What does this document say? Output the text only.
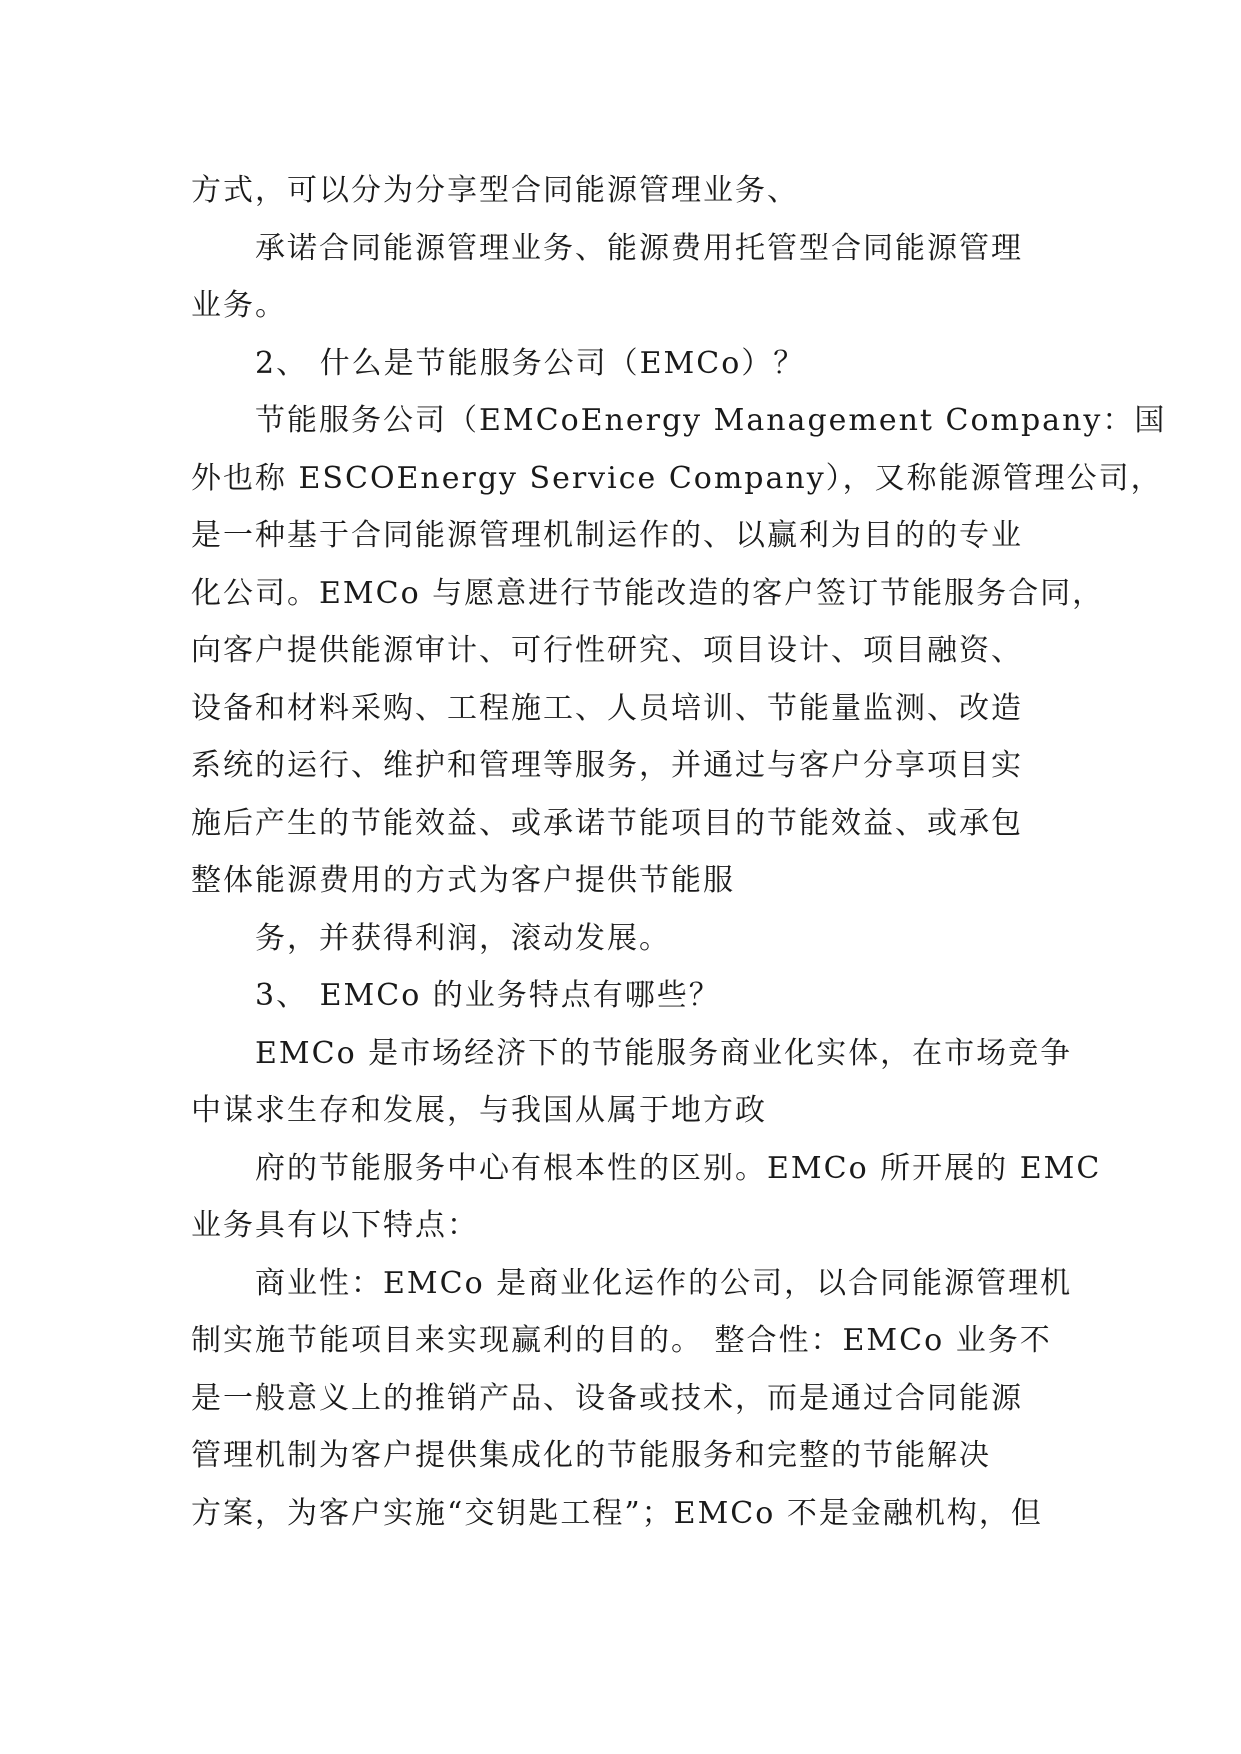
方式，可以分为分享型合同能源管理业务、
承诺合同能源管理业务、能源费用托管型合同能源管理
业务。
2、 什么是节能服务公司（EMCo）？
节能服务公司（EMCoEnergy Management Company：国
外也称 ESCOEnergy Service Company），又称能源管理公司，
是一种基于合同能源管理机制运作的、以赢利为目的的专业
化公司。EMCo 与愿意进行节能改造的客户签订节能服务合同，
向客户提供能源审计、可行性研究、项目设计、项目融资、
设备和材料采购、工程施工、人员培训、节能量监测、改造
系统的运行、维护和管理等服务，并通过与客户分享项目实
施后产生的节能效益、或承诺节能项目的节能效益、或承包
整体能源费用的方式为客户提供节能服
务，并获得利润，滚动发展。
3、 EMCo 的业务特点有哪些？
EMCo 是市场经济下的节能服务商业化实体，在市场竞争
中谋求生存和发展，与我国从属于地方政
府的节能服务中心有根本性的区别。EMCo 所开展的 EMC
业务具有以下特点：
商业性：EMCo 是商业化运作的公司，以合同能源管理机
制实施节能项目来实现赢利的目的。 整合性：EMCo 业务不
是一般意义上的推销产品、设备或技术，而是通过合同能源
管理机制为客户提供集成化的节能服务和完整的节能解决
方案，为客户实施“交钥匙工程”；EMCo 不是金融机构，但
